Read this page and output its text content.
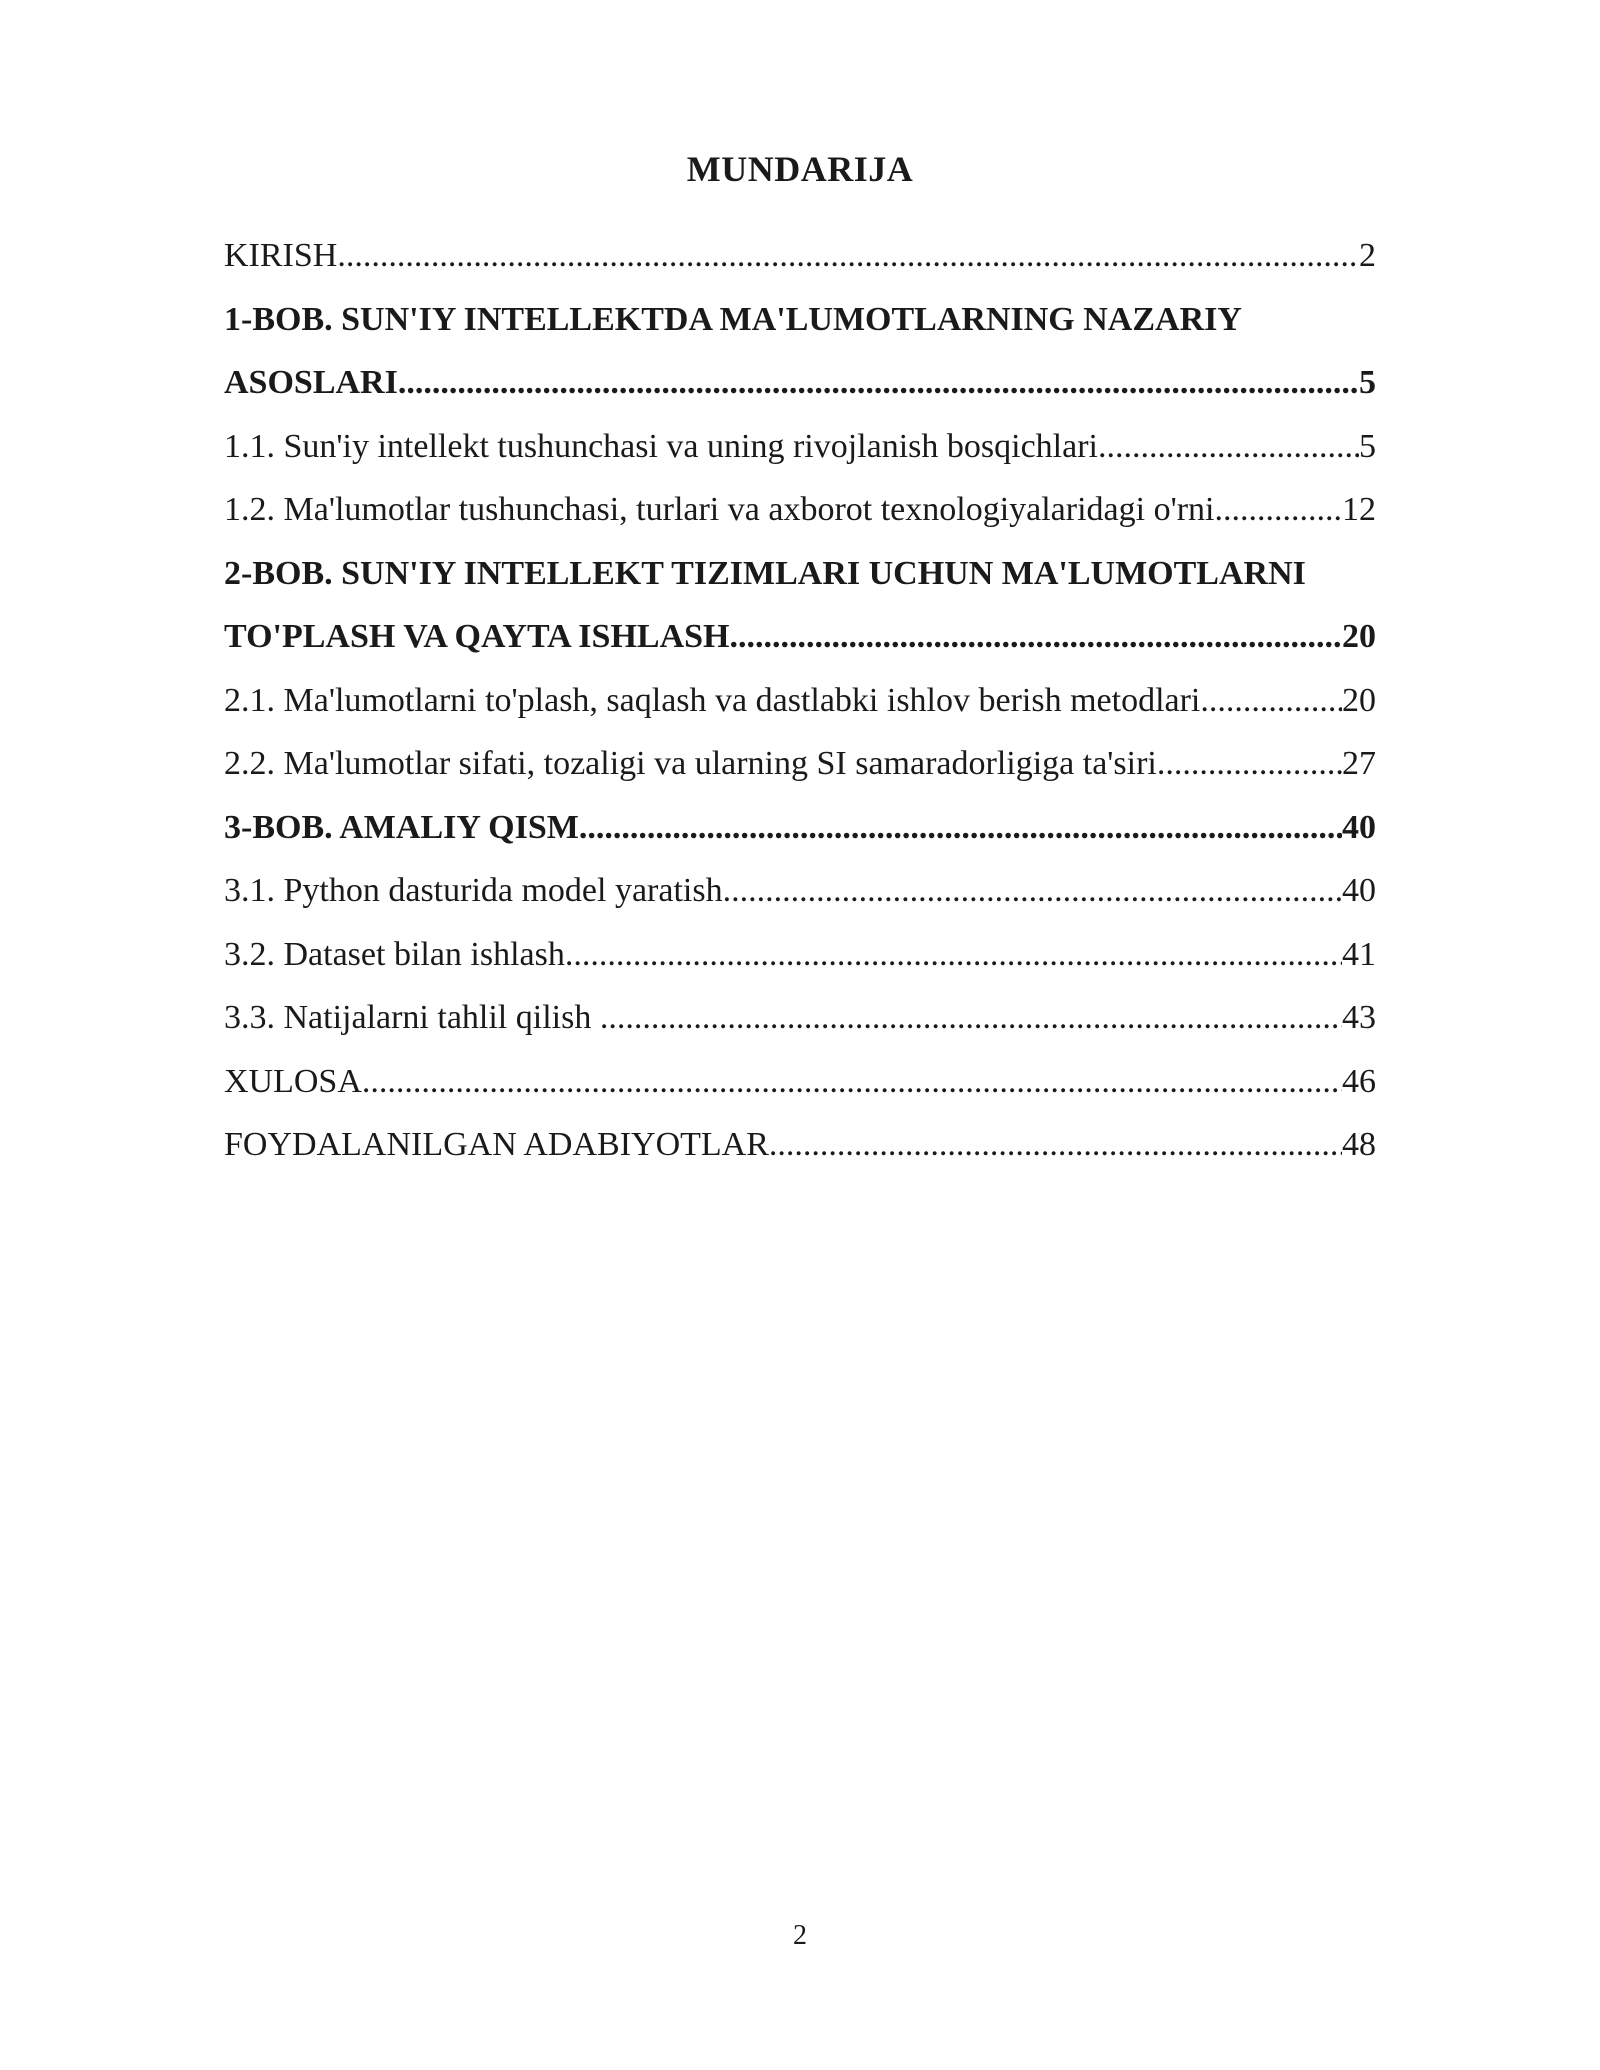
MUNDARIJA
KIRISH .....	2
1-BOB. SUN'IY INTELLEKTDA MA'LUMOTLARNING NAZARIY
ASOSLARI .....	5
1.1. Sun'iy intellekt tushunchasi va uning rivojlanish bosqichlari .....	5
1.2. Ma'lumotlar tushunchasi, turlari va axborot texnologiyalaridagi o'rni .....	12
2-BOB. SUN'IY INTELLEKT TIZIMLARI UCHUN MA'LUMOTLARNI
TO'PLASH VA QAYTA ISHLASH .....	20
2.1. Ma'lumotlarni to'plash, saqlash va dastlabki ishlov berish metodlari .....	20
2.2. Ma'lumotlar sifati, tozaligi va ularning SI samaradorligiga ta'siri .....	27
3-BOB. AMALIY QISM .....	40
3.1. Python dasturida model yaratish .....	40
3.2. Dataset bilan ishlash .....	41
3.3. Natijalarni tahlil qilish .....	43
XULOSA .....	46
FOYDALANILGAN ADABIYOTLAR .....	48
2
